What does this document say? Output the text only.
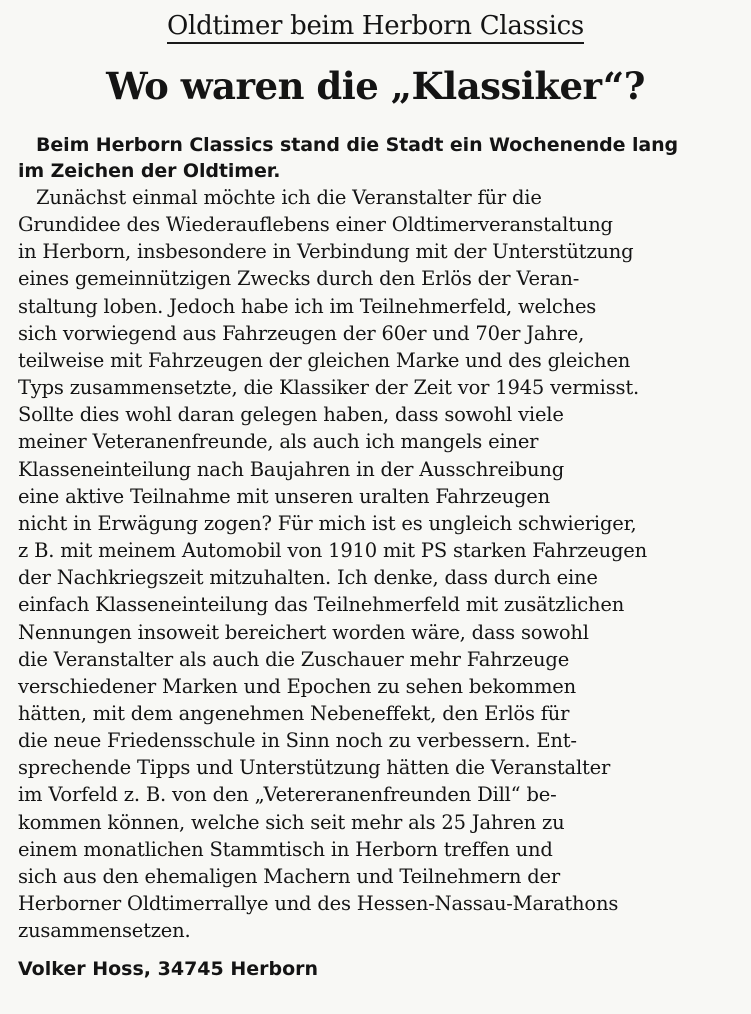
Oldtimer beim Herborn Classics
Wo waren die „Klassiker“?
Beim Herborn Classics stand die Stadt ein Wochenende lang
im Zeichen der Oldtimer.
Zunächst einmal möchte ich die Veranstalter für die
Grundidee des Wiederauflebens einer Oldtimerveranstaltung
in Herborn, insbesondere in Verbindung mit der Unterstützung
eines gemeinnützigen Zwecks durch den Erlös der Veran-
staltung loben. Jedoch habe ich im Teilnehmerfeld, welches
sich vorwiegend aus Fahrzeugen der 60er und 70er Jahre,
teilweise mit Fahrzeugen der gleichen Marke und des gleichen
Typs zusammensetzte, die Klassiker der Zeit vor 1945 vermisst.
Sollte dies wohl daran gelegen haben, dass sowohl viele
meiner Veteranenfreunde, als auch ich mangels einer
Klasseneinteilung nach Baujahren in der Ausschreibung
eine aktive Teilnahme mit unseren uralten Fahrzeugen
nicht in Erwägung zogen? Für mich ist es ungleich schwieriger,
z B. mit meinem Automobil von 1910 mit PS starken Fahrzeugen
der Nachkriegszeit mitzuhalten. Ich denke, dass durch eine
einfach Klasseneinteilung das Teilnehmerfeld mit zusätzlichen
Nennungen insoweit bereichert worden wäre, dass sowohl
die Veranstalter als auch die Zuschauer mehr Fahrzeuge
verschiedener Marken und Epochen zu sehen bekommen
hätten, mit dem angenehmen Nebeneffekt, den Erlös für
die neue Friedensschule in Sinn noch zu verbessern. Ent-
sprechende Tipps und Unterstützung hätten die Veranstalter
im Vorfeld z. B. von den „Vetereranenfreunden Dill“ be-
kommen können, welche sich seit mehr als 25 Jahren zu
einem monatlichen Stammtisch in Herborn treffen und
sich aus den ehemaligen Machern und Teilnehmern der
Herborner Oldtimerrallye und des Hessen-Nassau-Marathons
zusammensetzen.
Volker Hoss, 34745 Herborn
